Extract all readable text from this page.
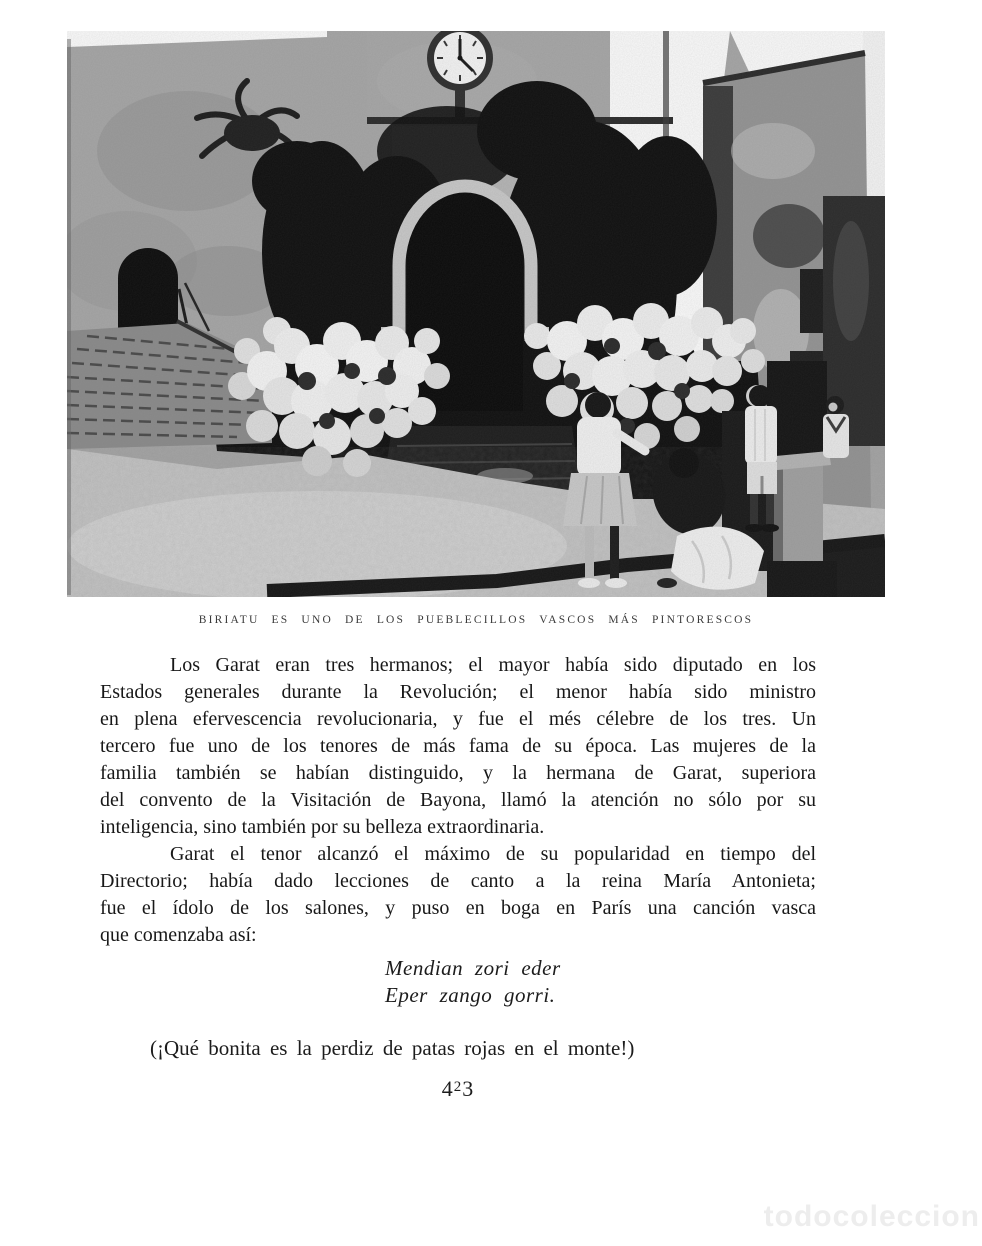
BIRIATU ES UNO DE LOS PUEBLECILLOS VASCOS MÁS PINTORESCOS
Los Garat eran tres hermanos; el mayor había sido diputado en los
Estados generales durante la Revolución; el menor había sido ministro
en plena efervescencia revolucionaria, y fue el més célebre de los tres. Un
tercero fue uno de los tenores de más fama de su época. Las mujeres de la
familia también se habían distinguido, y la hermana de Garat, superiora
del convento de la Visitación de Bayona, llamó la atención no sólo por su
inteligencia, sino también por su belleza extraordinaria.
Garat el tenor alcanzó el máximo de su popularidad en tiempo del
Directorio; había dado lecciones de canto a la reina María Antonieta;
fue el ídolo de los salones, y puso en boga en París una canción vasca
que comenzaba así:
Mendian zori eder
Eper zango gorri.
(¡Qué bonita es la perdiz de patas rojas en el monte!)
$4^23$
todocoleccion
